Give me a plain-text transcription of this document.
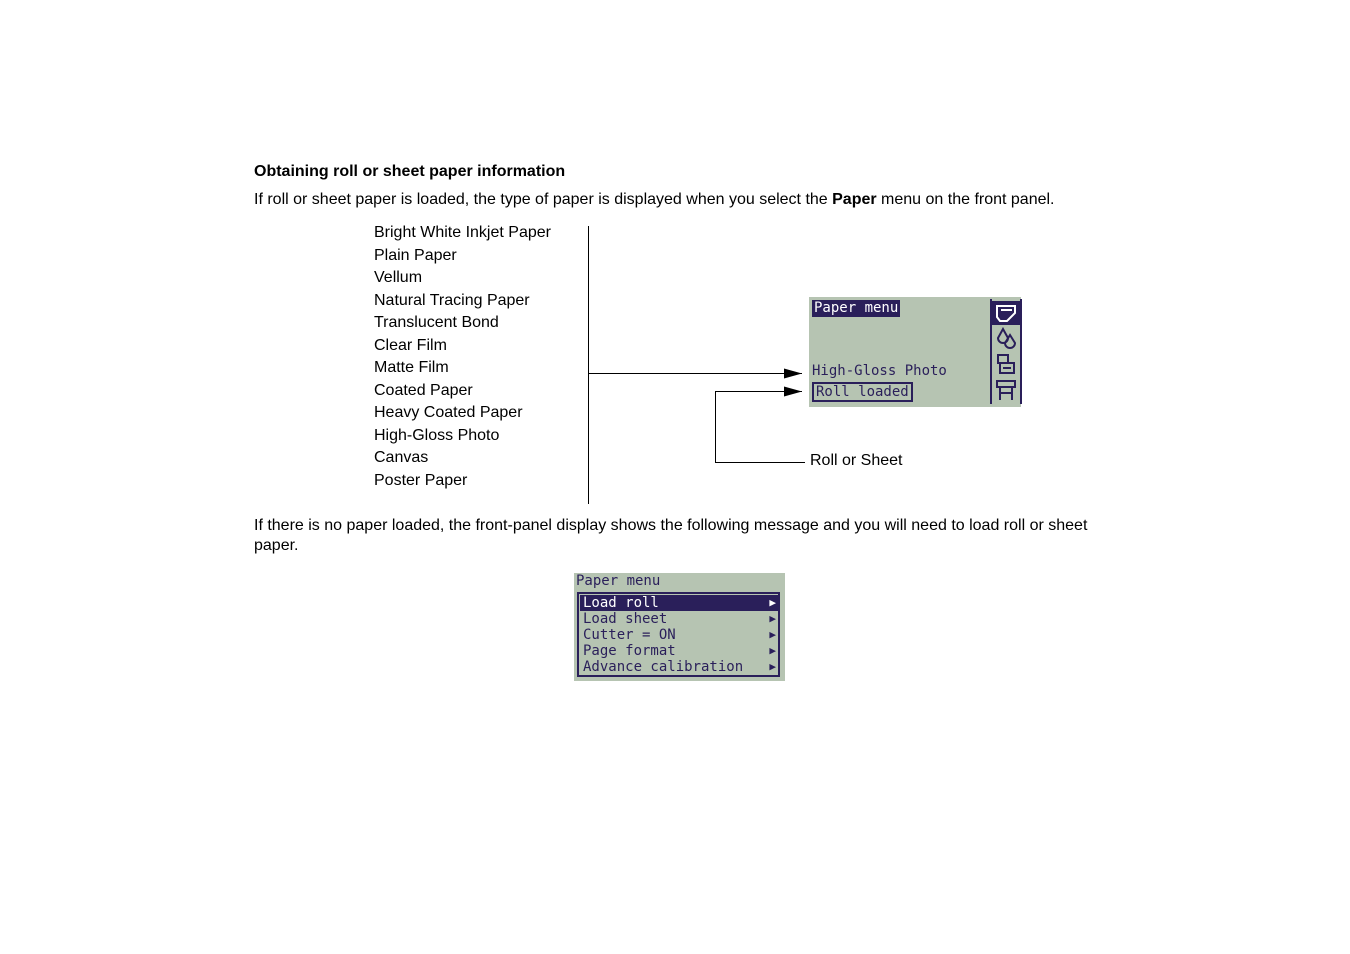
Obtaining roll or sheet paper information
If roll or sheet paper is loaded, the type of paper is displayed when you select the Paper menu on the front panel.
Bright White Inkjet Paper
Plain Paper
Vellum
Natural Tracing Paper
Translucent Bond
Clear Film
Matte Film
Coated Paper
Heavy Coated Paper
High-Gloss Photo
Canvas
Poster Paper
Paper menu
High-Gloss Photo
Roll loaded
Roll or Sheet
If there is no paper loaded, the front-panel display shows the following message and you will need to load roll or sheet paper.
Paper menu
Load roll	▶
Load sheet	▶
Cutter = ON	▶
Page format	▶
Advance calibration ▶
